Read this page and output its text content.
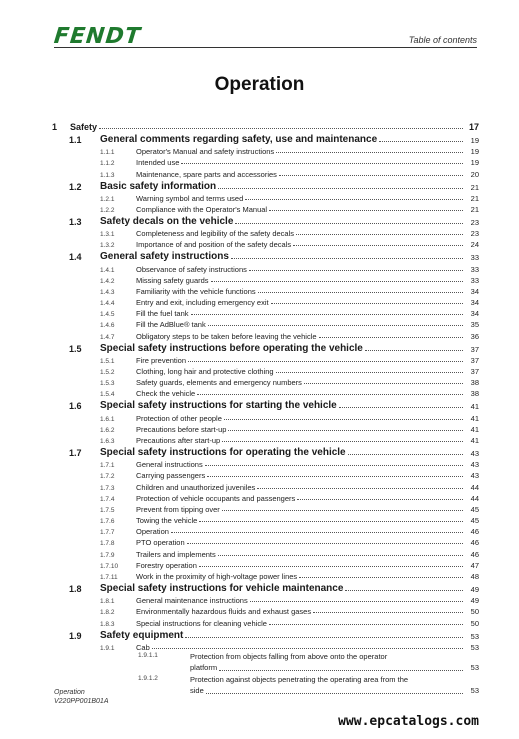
FENDT	Table of contents
Operation
1	Safety	17
1.1	General comments regarding safety, use and maintenance	19
1.1.1	Operator's Manual and safety instructions	19
1.1.2	Intended use	19
1.1.3	Maintenance, spare parts and accessories	20
1.2	Basic safety information	21
1.2.1	Warning symbol and terms used	21
1.2.2	Compliance with the Operator's Manual	21
1.3	Safety decals on the vehicle	23
1.3.1	Completeness and legibility of the safety decals	23
1.3.2	Importance of and position of the safety decals	24
1.4	General safety instructions	33
1.4.1	Observance of safety instructions	33
1.4.2	Missing safety guards	33
1.4.3	Familiarity with the vehicle functions	34
1.4.4	Entry and exit, including emergency exit	34
1.4.5	Fill the fuel tank	34
1.4.6	Fill the AdBlue® tank	35
1.4.7	Obligatory steps to be taken before leaving the vehicle	36
1.5	Special safety instructions before operating the vehicle	37
1.5.1	Fire prevention	37
1.5.2	Clothing, long hair and protective clothing	37
1.5.3	Safety guards, elements and emergency numbers	38
1.5.4	Check the vehicle	38
1.6	Special safety instructions for starting the vehicle	41
1.6.1	Protection of other people	41
1.6.2	Precautions before start-up	41
1.6.3	Precautions after start-up	41
1.7	Special safety instructions for operating the vehicle	43
1.7.1	General instructions	43
1.7.2	Carrying passengers	43
1.7.3	Children and unauthorized juveniles	44
1.7.4	Protection of vehicle occupants and passengers	44
1.7.5	Prevent from tipping over	45
1.7.6	Towing the vehicle	45
1.7.7	Operation	46
1.7.8	PTO operation	46
1.7.9	Trailers and implements	46
1.7.10	Forestry operation	47
1.7.11	Work in the proximity of high-voltage power lines	48
1.8	Special safety instructions for vehicle maintenance	49
1.8.1	General maintenance instructions	49
1.8.2	Environmentally hazardous fluids and exhaust gases	50
1.8.3	Special instructions for cleaning vehicle	50
1.9	Safety equipment	53
1.9.1	Cab	53
1.9.1.1	Protection from objects falling from above onto the operator
platform	53
1.9.1.2	Protection against objects penetrating the operating area from the
side	53
Operation
V220PP001B01A
www.epcatalogs.com
